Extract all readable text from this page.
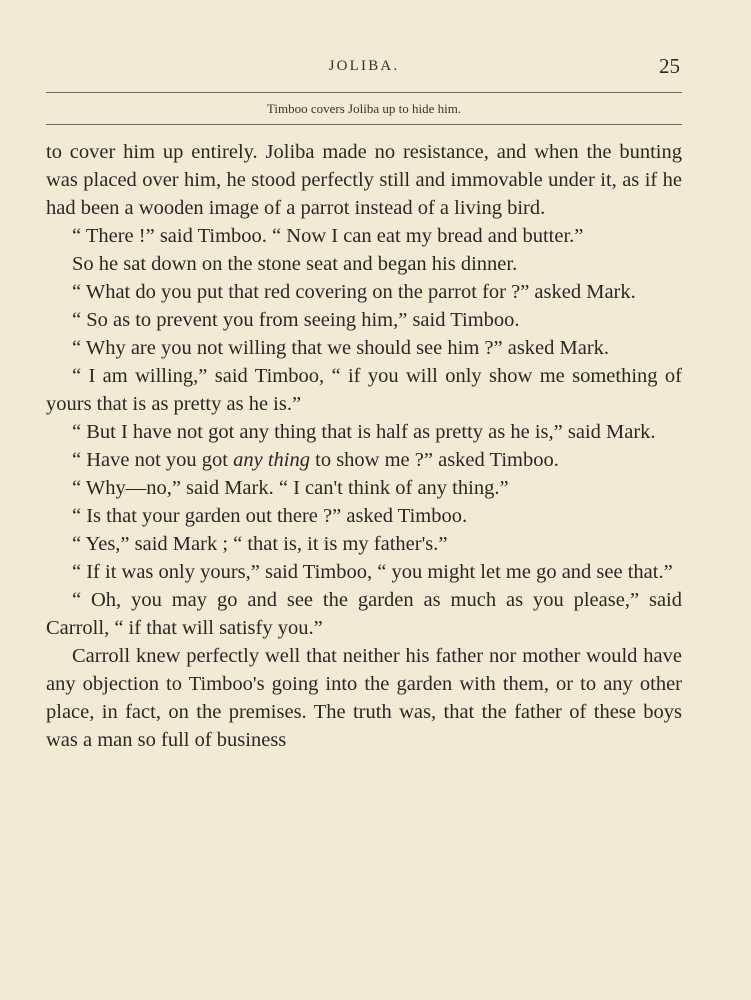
JOLIBA.	25
Timboo covers Joliba up to hide him.

to cover him up entirely. Joliba made no resistance, and when the bunting was placed over him, he stood perfectly still and immovable under it, as if he had been a wooden image of a parrot instead of a living bird.

“ There !” said Timboo. “ Now I can eat my bread and butter.”

So he sat down on the stone seat and began his dinner.

“ What do you put that red covering on the parrot for ?” asked Mark.

“ So as to prevent you from seeing him,” said Timboo.

“ Why are you not willing that we should see him ?” asked Mark.

“ I am willing,” said Timboo, “ if you will only show me something of yours that is as pretty as he is.”

“ But I have not got any thing that is half as pretty as he is,” said Mark.

“ Have not you got any thing to show me ?” asked Timboo.

“ Why—no,” said Mark. “ I can't think of any thing.”

“ Is that your garden out there ?” asked Timboo.

“ Yes,” said Mark ; “ that is, it is my father's.”

“ If it was only yours,” said Timboo, “ you might let me go and see that.”

“ Oh, you may go and see the garden as much as you please,” said Carroll, “ if that will satisfy you.”

Carroll knew perfectly well that neither his father nor mother would have any objection to Timboo's going into the garden with them, or to any other place, in fact, on the premises. The truth was, that the father of these boys was a man so full of business
